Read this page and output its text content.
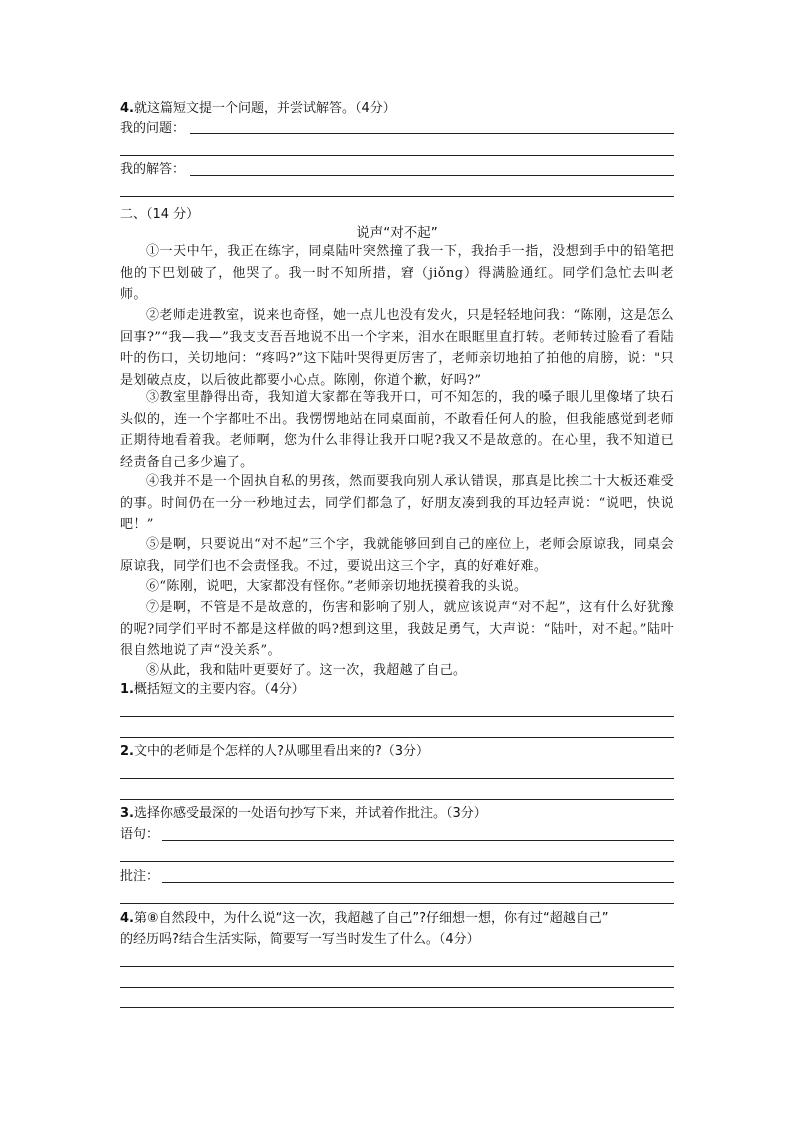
4.就这篇短文提一个问题，并尝试解答。（4分）
我的问题：
我的解答：
二、（14 分）
说声“对不起”
①一天中午，我正在练字，同桌陆叶突然撞了我一下，我抬手一指，没想到手中的铅笔把他的下巴划破了，他哭了。我一时不知所措，窘（jiǒng）得满脸通红。同学们急忙去叫老师。
②老师走进教室，说来也奇怪，她一点儿也没有发火，只是轻轻地问我：“陈刚，这是怎么回事?”“我—我—”我支支吾吾地说不出一个字来，泪水在眼眶里直打转。老师转过脸看了看陆叶的伤口，关切地问：“疼吗?”这下陆叶哭得更厉害了，老师亲切地拍了拍他的肩膀，说："只是划破点皮，以后彼此都要小心点。陈刚，你道个歉，好吗?”
③教室里静得出奇，我知道大家都在等我开口，可不知怎的，我的嗓子眼儿里像堵了块石头似的，连一个字都吐不出。我愣愣地站在同桌面前，不敢看任何人的脸，但我能感觉到老师正期待地看着我。老师啊，您为什么非得让我开口呢?我又不是故意的。在心里，我不知道已经责备自己多少遍了。
④我并不是一个固执自私的男孩，然而要我向别人承认错误，那真是比挨二十大板还难受的事。时间仍在一分一秒地过去，同学们都急了，好朋友凑到我的耳边轻声说：“说吧，快说吧！”
⑤是啊，只要说出“对不起”三个字，我就能够回到自己的座位上，老师会原谅我，同桌会原谅我，同学们也不会责怪我。不过，要说出这三个字，真的好难好难。
⑥“陈刚，说吧，大家都没有怪你。”老师亲切地抚摸着我的头说。
⑦是啊，不管是不是故意的，伤害和影响了别人，就应该说声“对不起”，这有什么好犹豫的呢?同学们平时不都是这样做的吗?想到这里，我鼓足勇气，大声说：“陆叶，对不起。”陆叶很自然地说了声“没关系”。
⑧从此，我和陆叶更要好了。这一次，我超越了自己。
1.概括短文的主要内容。（4分）
2.文中的老师是个怎样的人?从哪里看出来的?（3分）
3.选择你感受最深的一处语句抄写下来，并试着作批注。（3分）
语句：
批注：
4.第⑧自然段中，为什么说“这一次，我超越了自己”?仔细想一想，你有过“超越自己”
的经历吗?结合生活实际，简要写一写当时发生了什么。（4分）
